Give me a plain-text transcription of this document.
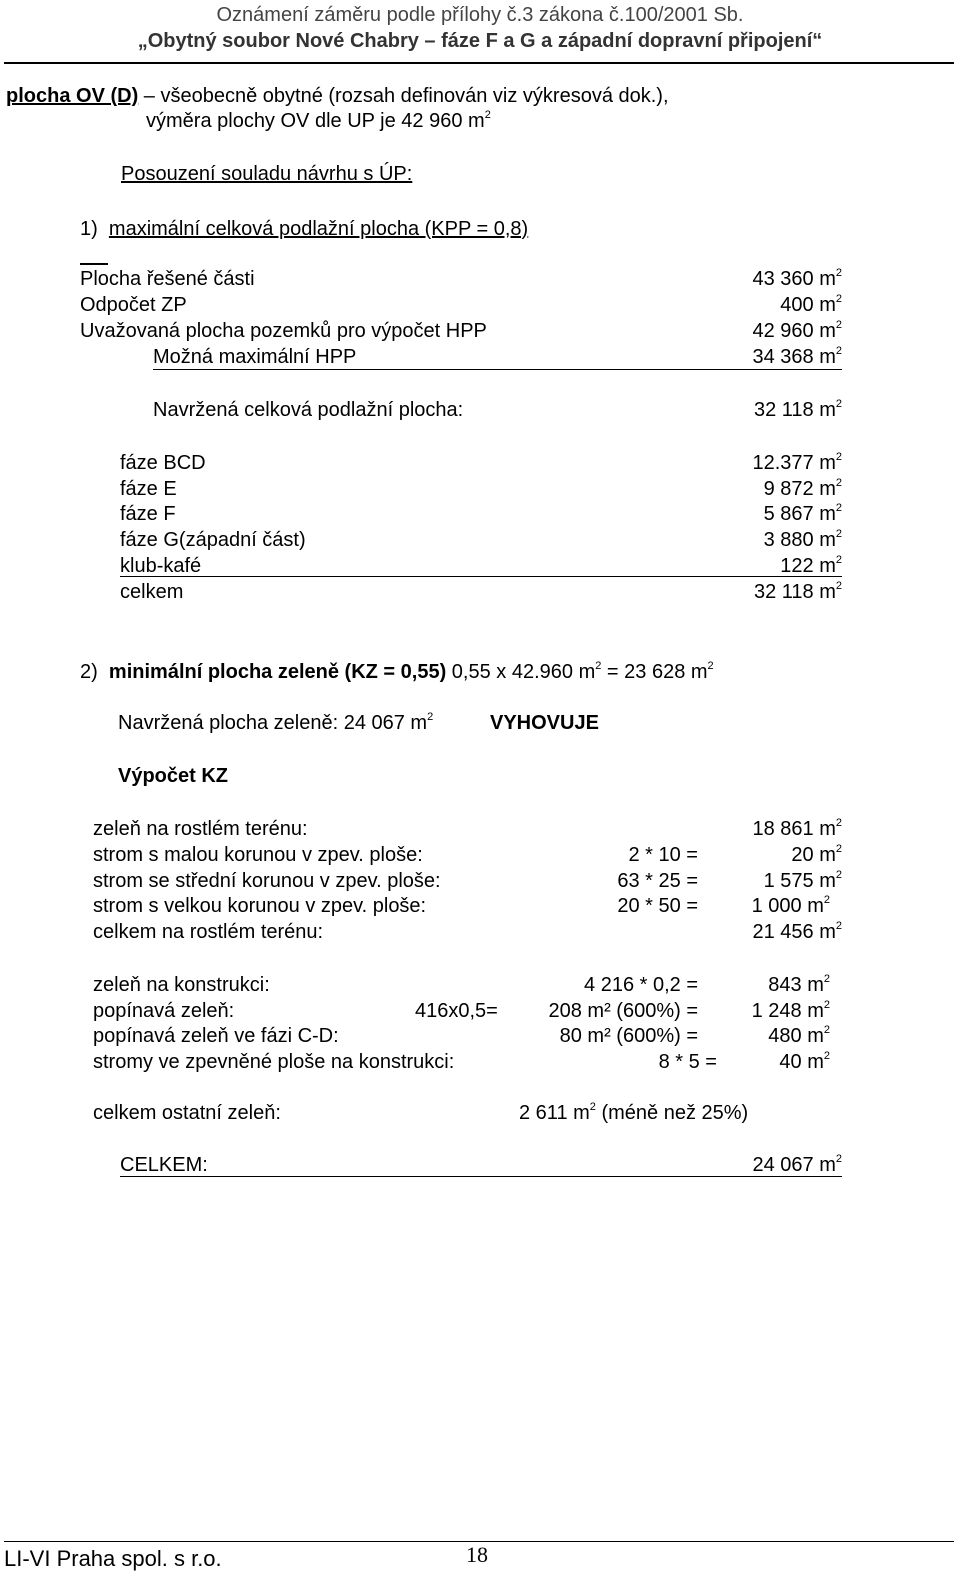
Oznámení záměru podle přílohy č.3 zákona č.100/2001 Sb.
„Obytný soubor Nové Chabry – fáze F a G a západní dopravní připojení“
plocha OV (D) – všeobecně obytné (rozsah definován viz výkresová dok.),
výměra plochy OV dle UP je 42 960 $m^2$
Posouzení souladu návrhu s ÚP:
1) maximální celková podlažní plocha (KPP = 0,8)
Plocha řešené části	43 360 $m^2$
Odpočet ZP	400 $m^2$
Uvažovaná plocha pozemků pro výpočet HPP	42 960 $m^2$
Možná maximální HPP	34 368 $m^2$
Navržená celková podlažní plocha:	32 118 $m^2$
fáze BCD	12.377 $m^2$
fáze E	9 872 $m^2$
fáze F	5 867 $m^2$
fáze G(západní část)	3 880 $m^2$
klub-kafé	122 $m^2$
celkem	32 118 $m^2$
2) minimální plocha zeleně (KZ = 0,55) 0,55 x 42.960 $m^2 = 23$ 628 $m^2$
Navržená plocha zeleně: 24 067 $m^2$	VYHOVUJE
Výpočet KZ
zeleň na rostlém terénu:	18 861 $m^2$
strom s malou korunou v zpev. ploše:	2 * 10 =	20 $m^2$
strom se střední korunou v zpev. ploše:	63 * 25 =	1 575 $m^2$
strom s velkou korunou v zpev. ploše:	20 * 50 =	1 000 $m^2$
celkem na rostlém terénu:	21 456 $m^2$
zeleň na konstrukci:	4 216 * 0,2 =	843 $m^2$
popínavá zeleň:	416x0,5=	208 m² (600%) =	1 248 $m^2$
popínavá zeleň ve fázi C-D:	80 m² (600%) =	480 $m^2$
stromy ve zpevněné ploše na konstrukci:	8 * 5 =	40 $m^2$
celkem ostatní zeleň:	2 611 $m^2$ (méně než 25%)
CELKEM:	24 067 $m^2$
LI-VI Praha spol. s r.o.	18
